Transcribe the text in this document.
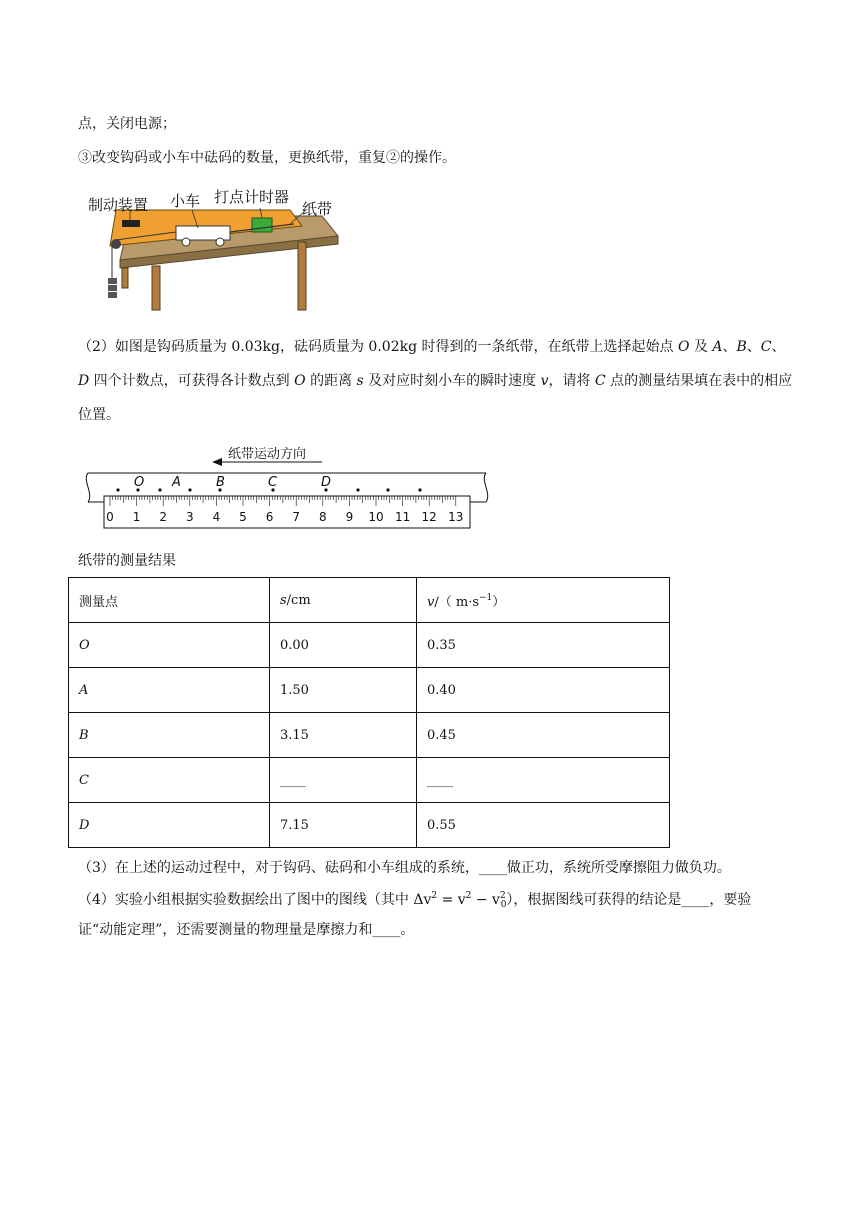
点，关闭电源；
③改变钩码或小车中砝码的数量，更换纸带，重复②的操作。
制动装置 小车 打点计时器
纸带
（2）如图是钩码质量为 0.03kg，砝码质量为 0.02kg 时得到的一条纸带，在纸带上选择起始点 O 及 A、B、C、D 四个计数点，可获得各计数点到 O 的距离 s 及对应时刻小车的瞬时速度 v，请将 C 点的测量结果填在表中的相应位置。
纸带运动方向
O A	B	C	D
0 1 2 3 4 5 6 7 8 9 10 11 12 13
纸带的测量结果
测量点	s/cm	v/（ $m\cdot s^{-1}$）
O	0.00	0.35
A	1.50	0.40
B	3.15	0.45
C	____	____
D	7.15	0.55
（3）在上述的运动过程中，对于钩码、砝码和小车组成的系统，____做正功，系统所受摩擦阻力做负功。
（4）实验小组根据实验数据绘出了图中的图线（其中 $\Delta v^2 = v^2 - v^2_0$），根据图线可获得的结论是____，要验
证“动能定理”，还需要测量的物理量是摩擦力和____。
